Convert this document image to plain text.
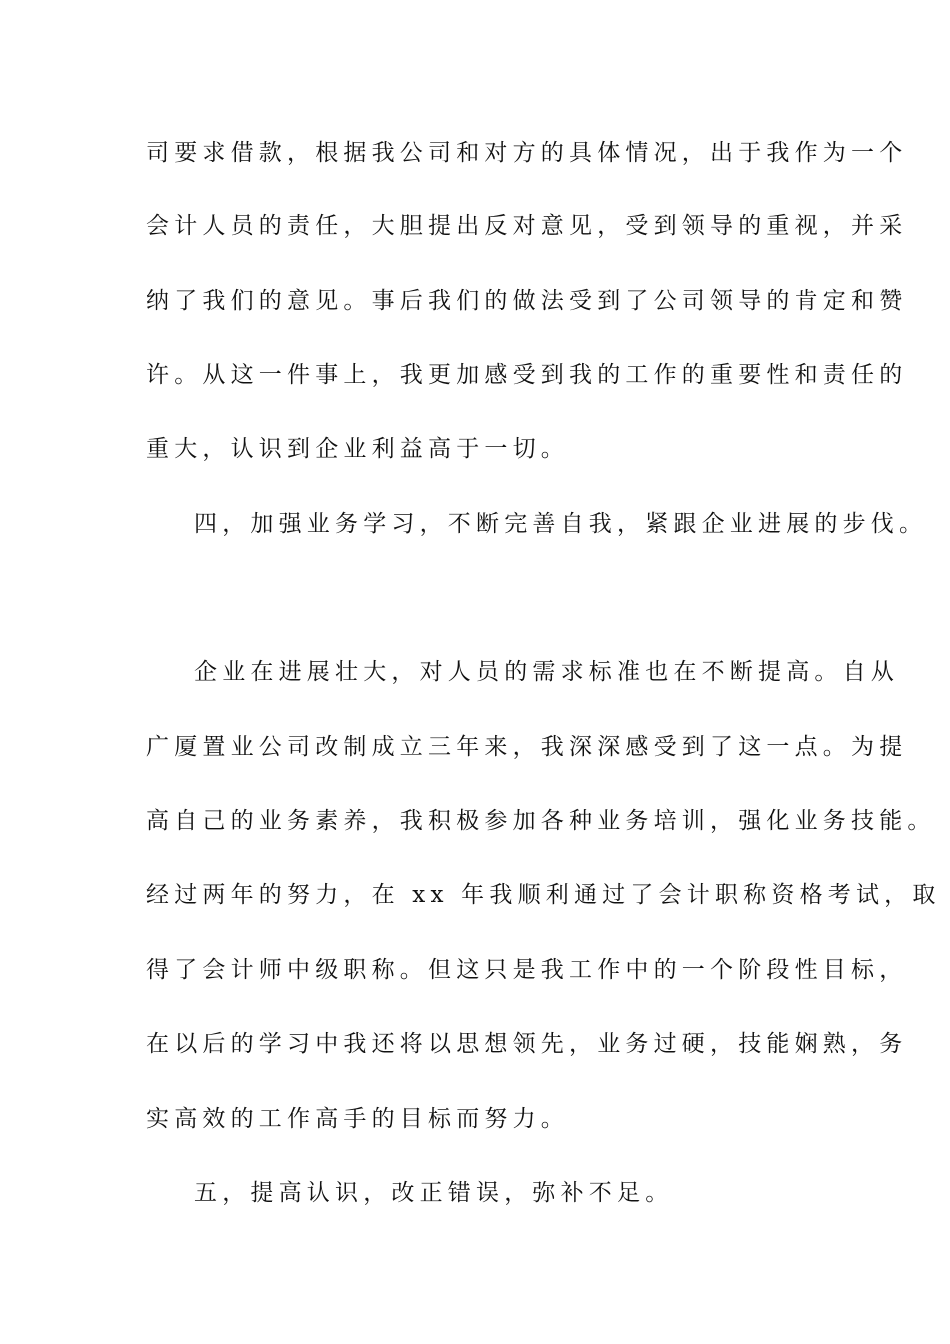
司要求借款，根据我公司和对方的具体情况，出于我作为一个
会计人员的责任，大胆提出反对意见，受到领导的重视，并采
纳了我们的意见。事后我们的做法受到了公司领导的肯定和赞
许。从这一件事上，我更加感受到我的工作的重要性和责任的
重大，认识到企业利益高于一切。
四，加强业务学习，不断完善自我，紧跟企业进展的步伐。
企业在进展壮大，对人员的需求标准也在不断提高。自从
广厦置业公司改制成立三年来，我深深感受到了这一点。为提
高自己的业务素养，我积极参加各种业务培训，强化业务技能。
经过两年的努力，在 xx 年我顺利通过了会计职称资格考试，取
得了会计师中级职称。但这只是我工作中的一个阶段性目标，
在以后的学习中我还将以思想领先，业务过硬，技能娴熟，务
实高效的工作高手的目标而努力。
五，提高认识，改正错误，弥补不足。
